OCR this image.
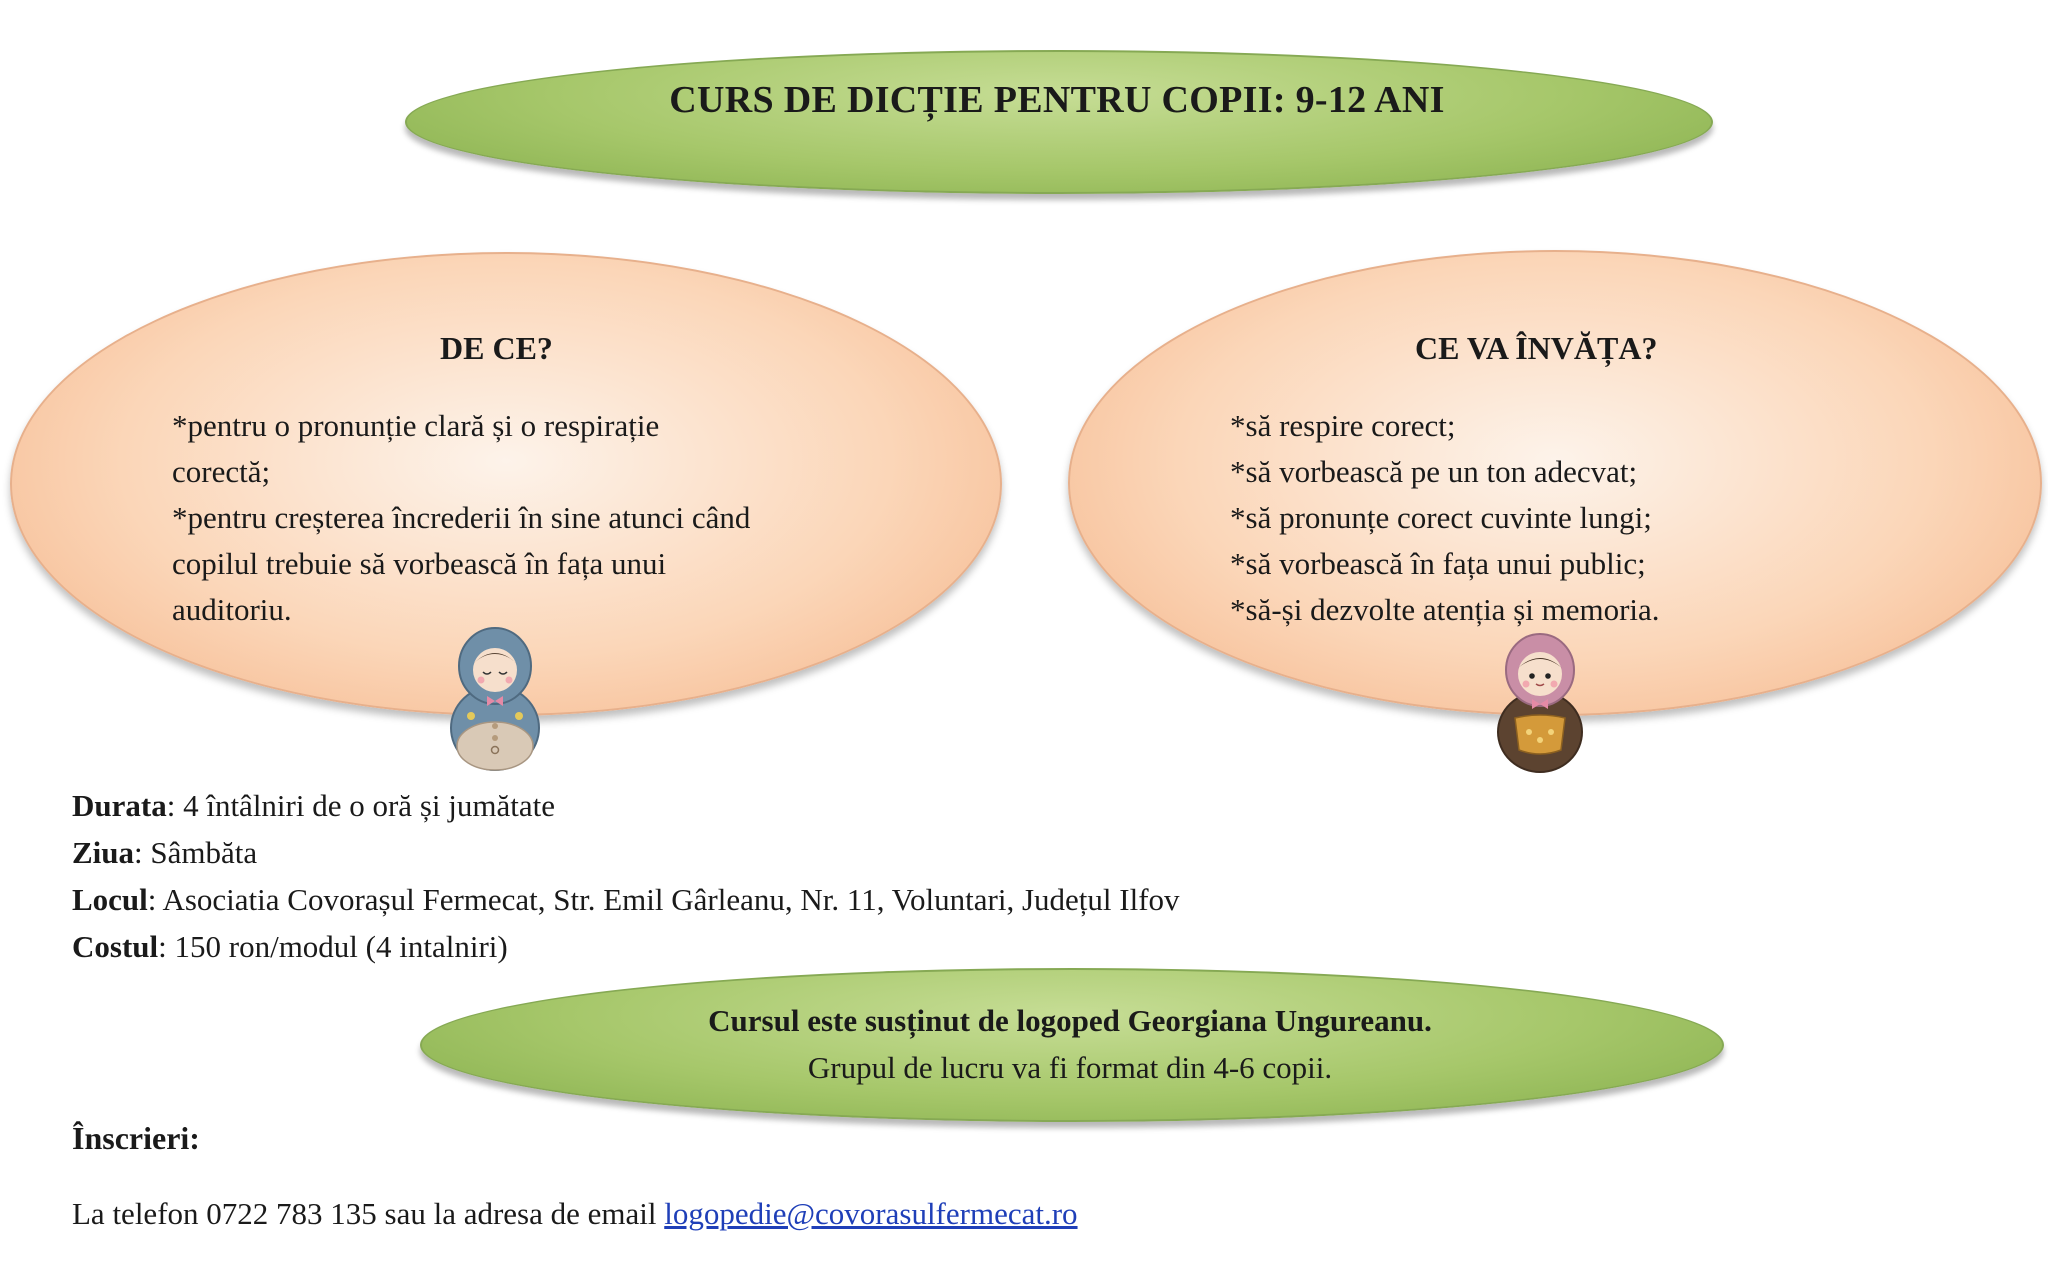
CURS DE DICȚIE PENTRU COPII: 9-12 ANI
DE CE?
*pentru o pronunție clară și o respirație
corectă;
*pentru creșterea încrederii în sine atunci când
copilul trebuie să vorbească în fața unui
auditoriu.
CE VA ÎNVĂȚA?
*să respire corect;
*să vorbească pe un ton adecvat;
*să pronunțe corect cuvinte lungi;
*să vorbească în fața unui public;
*să-și dezvolte atenția și memoria.
Durata: 4 întâlniri de o oră și jumătate
Ziua: Sâmbăta
Locul: Asociatia Covorașul Fermecat, Str. Emil Gârleanu, Nr. 11, Voluntari, Județul Ilfov
Costul: 150 ron/modul (4 intalniri)
Cursul este susținut de logoped Georgiana Ungureanu.
Grupul de lucru va fi format din 4-6 copii.
Înscrieri:
La telefon 0722 783 135 sau la adresa de email logopedie@covorasulfermecat.ro
